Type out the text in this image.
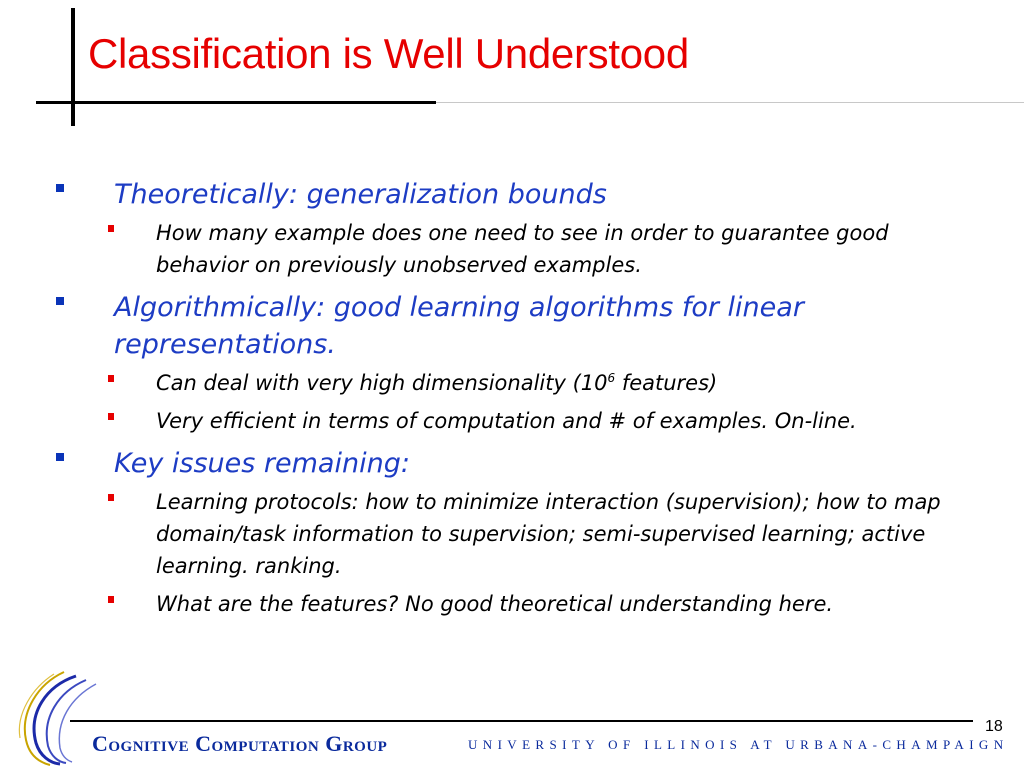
Classification is Well Understood
Theoretically: generalization bounds
How many example does one need to see in order to guarantee good behavior on previously unobserved examples.
Algorithmically: good learning algorithms for linear representations.
Can deal with very high dimensionality ($10^6$ features)
Very efficient in terms of computation and # of examples. On-line.
Key issues remaining:
Learning protocols: how to minimize interaction (supervision); how to map domain/task information to supervision; semi-supervised learning; active learning. ranking.
What are the features? No good theoretical understanding here.
Cognitive Computation Group	UNIVERSITY OF ILLINOIS AT URBANA-CHAMPAIGN
18
